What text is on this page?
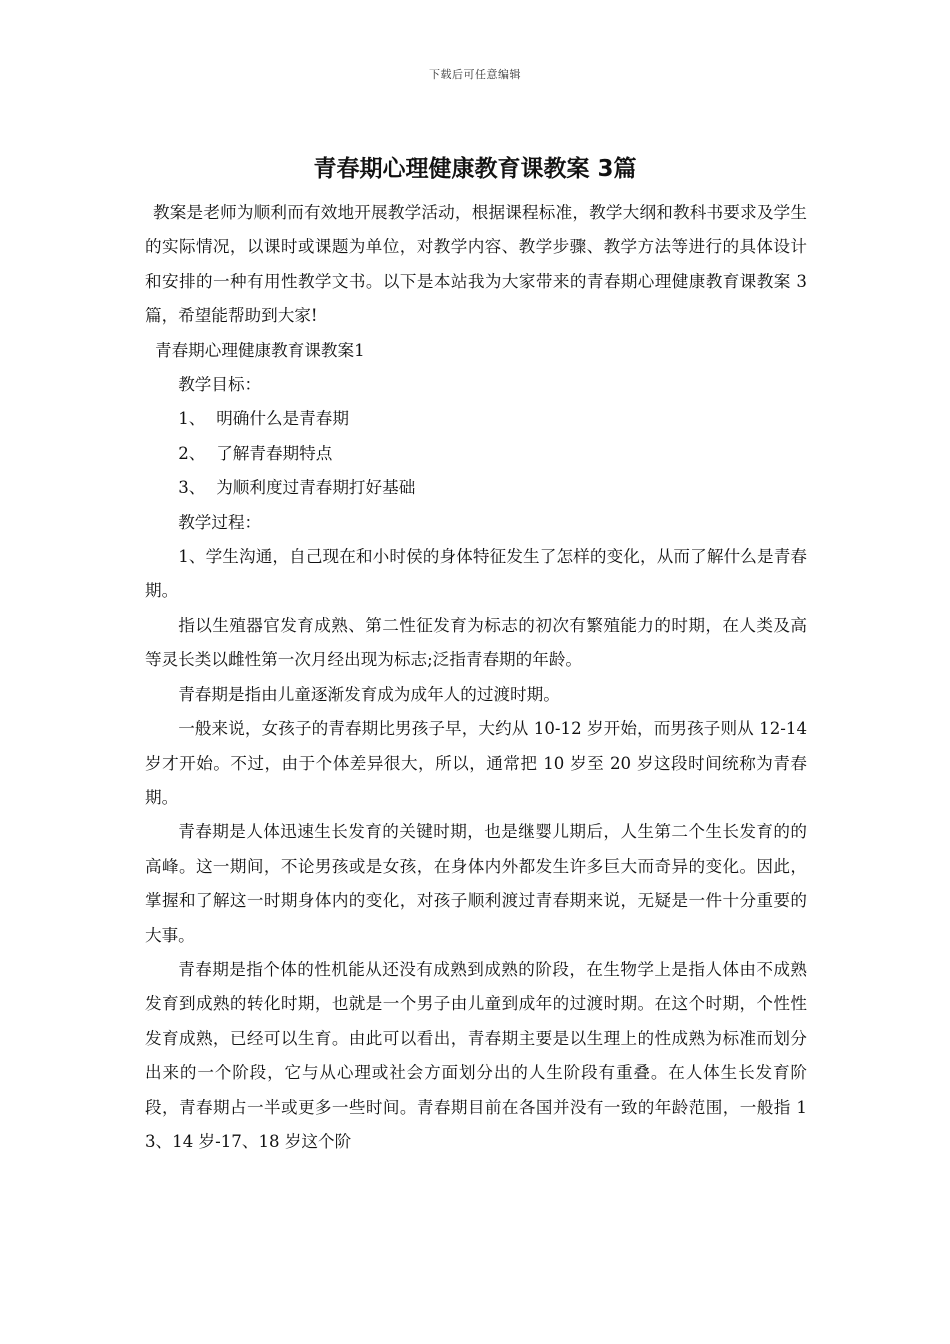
下载后可任意编辑
青春期心理健康教育课教案 3篇

教案是老师为顺利而有效地开展教学活动，根据课程标准，教学大纲和教科书要求及学生的实际情况，以课时或课题为单位，对教学内容、教学步骤、教学方法等进行的具体设计和安排的一种有用性教学文书。以下是本站我为大家带来的青春期心理健康教育课教案 3篇，希望能帮助到大家!

青春期心理健康教育课教案1

教学目标：

1、 明确什么是青春期

2、 了解青春期特点

3、 为顺利度过青春期打好基础

教学过程：

1、学生沟通，自己现在和小时侯的身体特征发生了怎样的变化，从而了解什么是青春期。

指以生殖器官发育成熟、第二性征发育为标志的初次有繁殖能力的时期，在人类及高等灵长类以雌性第一次月经出现为标志;泛指青春期的年龄。

青春期是指由儿童逐渐发育成为成年人的过渡时期。

一般来说，女孩子的青春期比男孩子早，大约从 10-12 岁开始，而男孩子则从 12-14 岁才开始。不过，由于个体差异很大，所以，通常把 10 岁至 20 岁这段时间统称为青春期。

青春期是人体迅速生长发育的关键时期，也是继婴儿期后，人生第二个生长发育的的高峰。这一期间，不论男孩或是女孩，在身体内外都发生许多巨大而奇异的变化。因此，掌握和了解这一时期身体内的变化，对孩子顺利渡过青春期来说，无疑是一件十分重要的大事。

青春期是指个体的性机能从还没有成熟到成熟的阶段，在生物学上是指人体由不成熟发育到成熟的转化时期，也就是一个男子由儿童到成年的过渡时期。在这个时期，个性性发育成熟，已经可以生育。由此可以看出，青春期主要是以生理上的性成熟为标准而划分出来的一个阶段，它与从心理或社会方面划分出的人生阶段有重叠。在人体生长发育阶段，青春期占一半或更多一些时间。青春期目前在各国并没有一致的年龄范围，一般指 13、14 岁-17、18 岁这个阶
